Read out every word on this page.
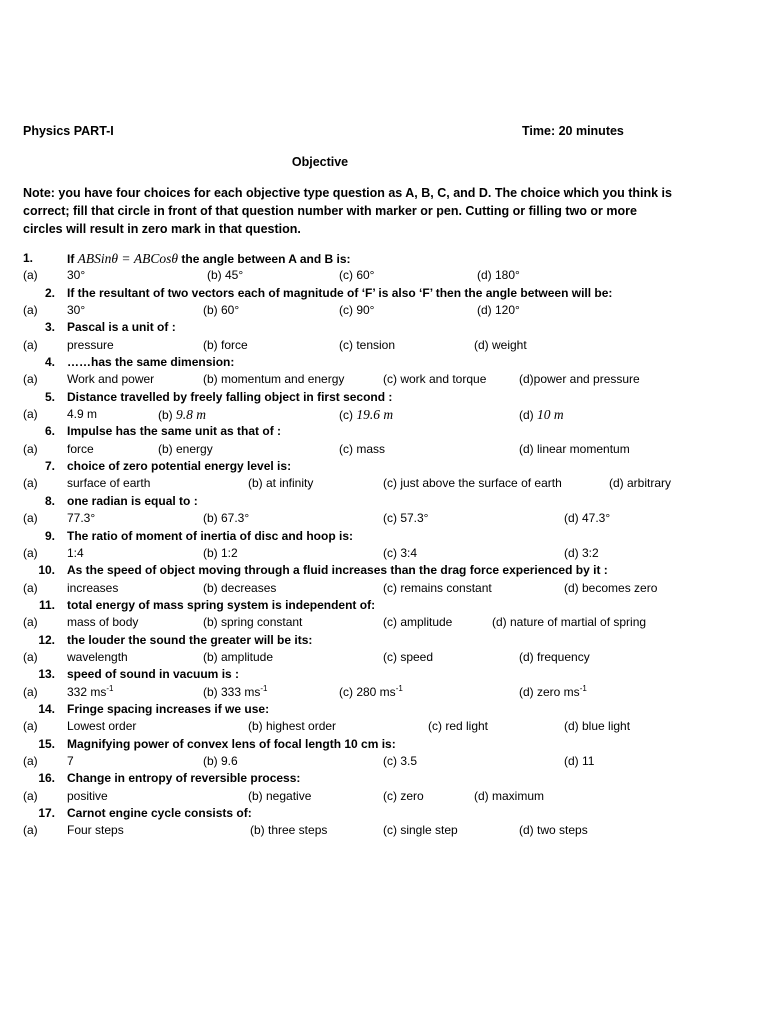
Physics PART-I	Time: 20 minutes
Objective
Note: you have four choices for each objective type question as A, B, C, and D. The choice which you think is correct; fill that circle in front of that question number with marker or pen. Cutting or filling two or more circles will result in zero mark in that question.
1.	If ABSinθ = ABCosθ the angle between A and B is:
(a) 30°	(b) 45°	(c) 60°	(d) 180°
2. If the resultant of two vectors each of magnitude of ‘F’ is also ‘F’ then the angle between will be:
(a) 30°	(b) 60°	(c) 90°	(d) 120°
3. Pascal is a unit of :
(a) pressure	(b) force	(c) tension	(d) weight
4. ……has the same dimension:
(a) Work and power	(b) momentum and energy	(c) work and torque	(d)power and pressure
5. Distance travelled by freely falling object in first second :
(a) 4.9 m	(b) 9.8 m	(c) 19.6 m	(d) 10 m
6. Impulse has the same unit as that of :
(a) force	(b) energy	(c) mass	(d) linear momentum
7. choice of zero potential energy level is:
(a) surface of earth	(b) at infinity	(c) just above the surface of earth	(d) arbitrary
8. one radian is equal to :
(a) 77.3°	(b) 67.3°	(c) 57.3°	(d) 47.3°
9. The ratio of moment of inertia of disc and hoop is:
(a) 1:4	(b) 1:2	(c) 3:4	(d) 3:2
10. As the speed of object moving through a fluid increases than the drag force experienced by it :
(a) increases	(b) decreases	(c) remains constant	(d) becomes zero
11. total energy of mass spring system is independent of:
(a) mass of body	(b) spring constant	(c) amplitude	(d) nature of martial of spring
12. the louder the sound the greater will be its:
(a) wavelength	(b) amplitude	(c) speed	(d) frequency
13. speed of sound in vacuum is :
(a) 332 $ms^{-1}$	(b) 333 $ms^{-1}$	(c) 280 $ms^{-1}$	(d) zero $ms^{-1}$
14. Fringe spacing increases if we use:
(a) Lowest order	(b) highest order	(c) red light	(d) blue light
15. Magnifying power of convex lens of focal length 10 cm is:
(a) 7	(b) 9.6	(c) 3.5	(d) 11
16. Change in entropy of reversible process:
(a) positive	(b) negative	(c) zero	(d) maximum
17. Carnot engine cycle consists of:
(a) Four steps	(b) three steps	(c) single step	(d) two steps
